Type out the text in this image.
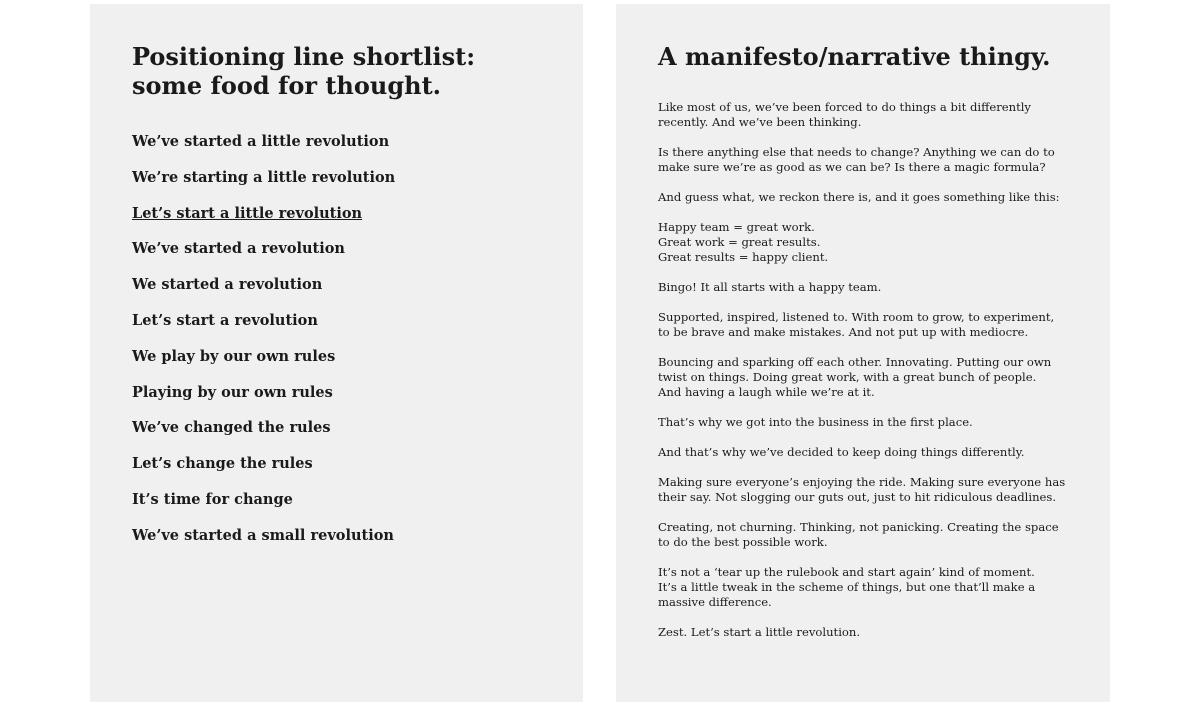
Positioning line shortlist:
some food for thought.
We’ve started a little revolution
We’re starting a little revolution
Let’s start a little revolution
We’ve started a revolution
We started a revolution
Let’s start a revolution
We play by our own rules
Playing by our own rules
We’ve changed the rules
Let’s change the rules
It’s time for change
We’ve started a small revolution
A manifesto/narrative thingy.

Like most of us, we’ve been forced to do things a bit differently
recently. And we’ve been thinking.

Is there anything else that needs to change? Anything we can do to
make sure we’re as good as we can be? Is there a magic formula?

And guess what, we reckon there is, and it goes something like this:

Happy team = great work.
Great work = great results.
Great results = happy client.

Bingo! It all starts with a happy team.

Supported, inspired, listened to. With room to grow, to experiment,
to be brave and make mistakes. And not put up with mediocre.

Bouncing and sparking off each other. Innovating. Putting our own
twist on things. Doing great work, with a great bunch of people.
And having a laugh while we’re at it.

That’s why we got into the business in the first place.

And that’s why we’ve decided to keep doing things differently.

Making sure everyone’s enjoying the ride. Making sure everyone has
their say. Not slogging our guts out, just to hit ridiculous deadlines.

Creating, not churning. Thinking, not panicking. Creating the space
to do the best possible work.

It’s not a ‘tear up the rulebook and start again’ kind of moment.
It’s a little tweak in the scheme of things, but one that’ll make a
massive difference.

Zest. Let’s start a little revolution.
